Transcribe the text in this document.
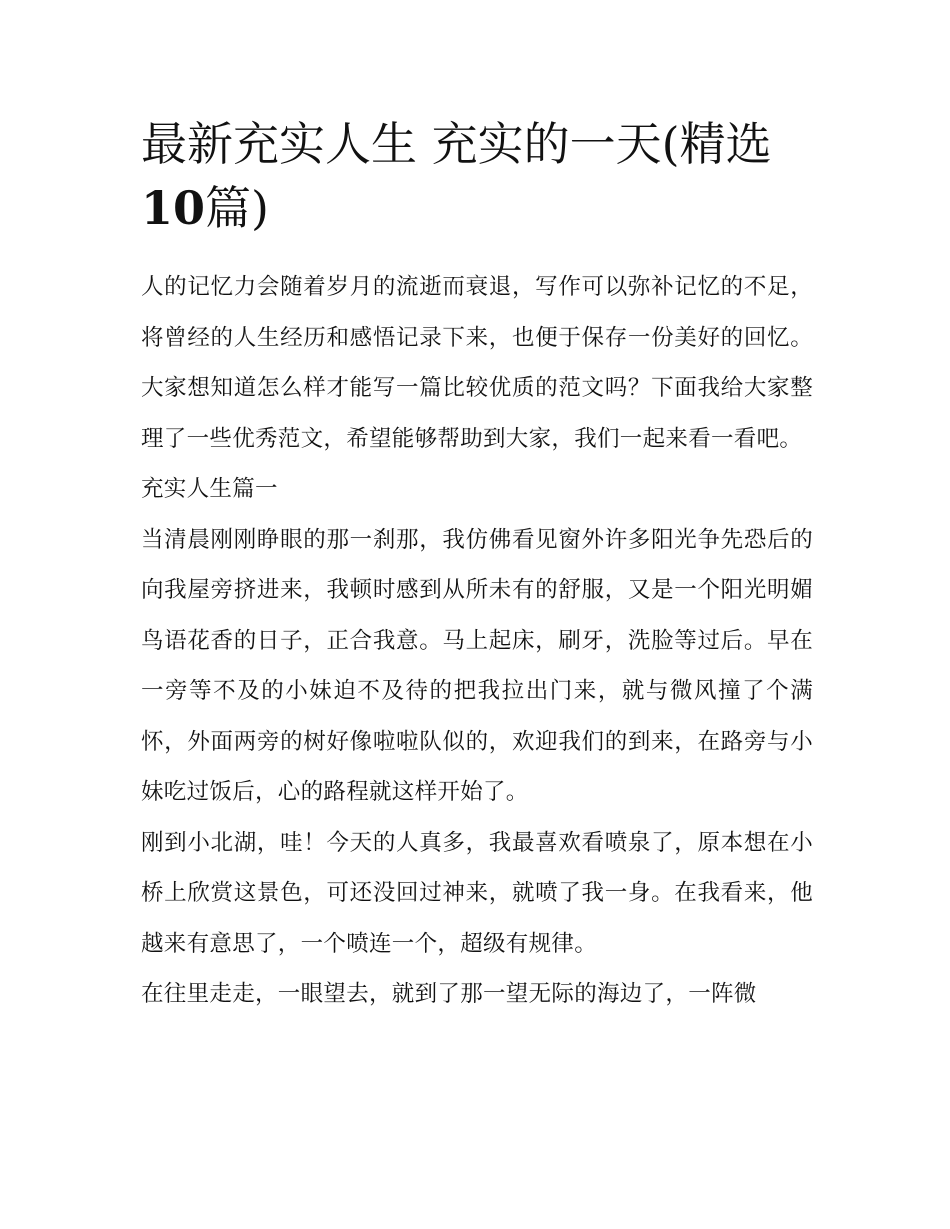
最新充实人生 充实的一天(精选10篇)

人的记忆力会随着岁月的流逝而衰退，写作可以弥补记忆的不足，将曾经的人生经历和感悟记录下来，也便于保存一份美好的回忆。大家想知道怎么样才能写一篇比较优质的范文吗？下面我给大家整理了一些优秀范文，希望能够帮助到大家，我们一起来看一看吧。

充实人生篇一

当清晨刚刚睁眼的那一刹那，我仿佛看见窗外许多阳光争先恐后的向我屋旁挤进来，我顿时感到从所未有的舒服，又是一个阳光明媚鸟语花香的日子，正合我意。马上起床，刷牙，洗脸等过后。早在一旁等不及的小妹迫不及待的把我拉出门来，就与微风撞了个满怀，外面两旁的树好像啦啦队似的，欢迎我们的到来，在路旁与小妹吃过饭后，心的路程就这样开始了。

刚到小北湖，哇！今天的人真多，我最喜欢看喷泉了，原本想在小桥上欣赏这景色，可还没回过神来，就喷了我一身。在我看来，他越来有意思了，一个喷连一个，超级有规律。

在往里走走，一眼望去，就到了那一望无际的海边了，一阵微
